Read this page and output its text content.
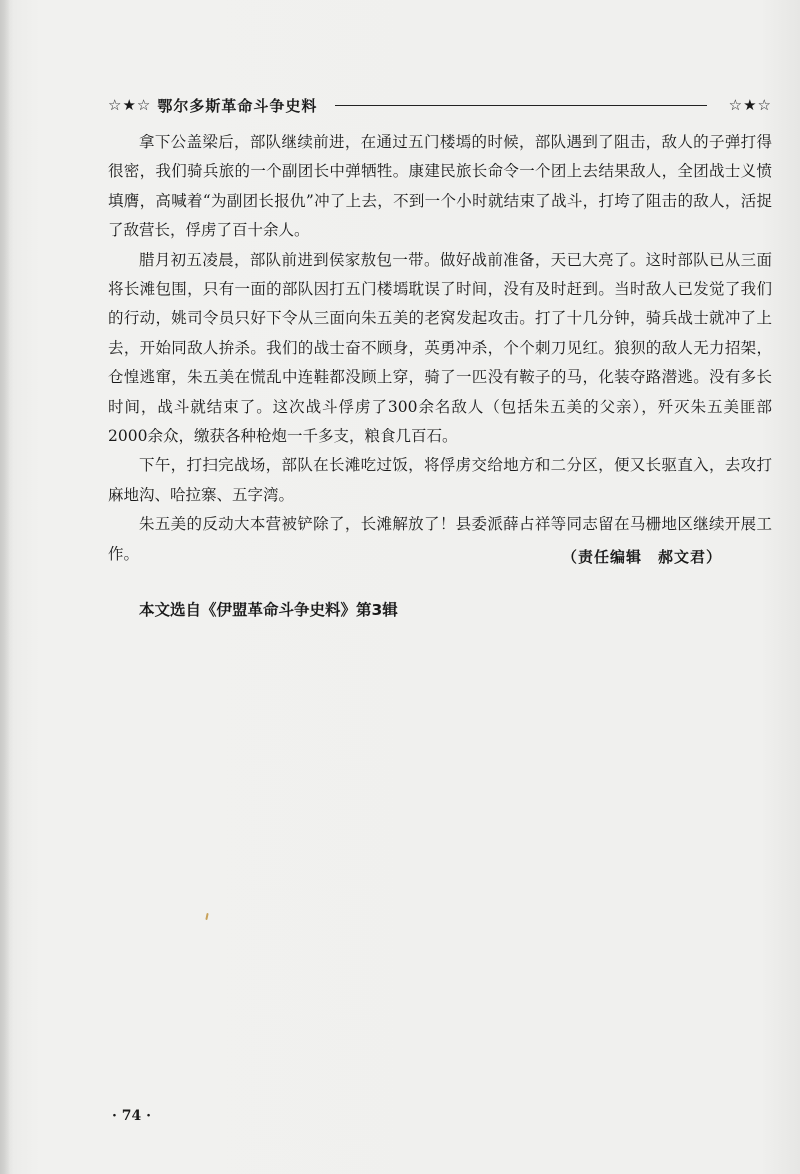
☆★☆ 鄂尔多斯革命斗争史料	☆★☆

拿下公盖梁后，部队继续前进，在通过五门楼墕的时候，部队遇到了阻击，敌人的子弹打得很密，我们骑兵旅的一个副团长中弹牺牲。康建民旅长命令一个团上去结果敌人，全团战士义愤填膺，高喊着“为副团长报仇”冲了上去，不到一个小时就结束了战斗，打垮了阻击的敌人，活捉了敌营长，俘虏了百十余人。

腊月初五凌晨，部队前进到侯家敖包一带。做好战前准备，天已大亮了。这时部队已从三面将长滩包围，只有一面的部队因打五门楼墕耽误了时间，没有及时赶到。当时敌人已发觉了我们的行动，姚司令员只好下令从三面向朱五美的老窝发起攻击。打了十几分钟，骑兵战士就冲了上去，开始同敌人拚杀。我们的战士奋不顾身，英勇冲杀，个个刺刀见红。狼狈的敌人无力招架，仓惶逃窜，朱五美在慌乱中连鞋都没顾上穿，骑了一匹没有鞍子的马，化装夺路潜逃。没有多长时间，战斗就结束了。这次战斗俘虏了300余名敌人（包括朱五美的父亲），歼灭朱五美匪部2000余众，缴获各种枪炮一千多支，粮食几百石。

下午，打扫完战场，部队在长滩吃过饭，将俘虏交给地方和二分区，便又长驱直入，去攻打麻地沟、哈拉寨、五字湾。

朱五美的反动大本营被铲除了，长滩解放了！县委派薛占祥等同志留在马栅地区继续开展工作。	（责任编辑　郝文君）
本文选自《伊盟革命斗争史料》第3辑
· 74 ·
